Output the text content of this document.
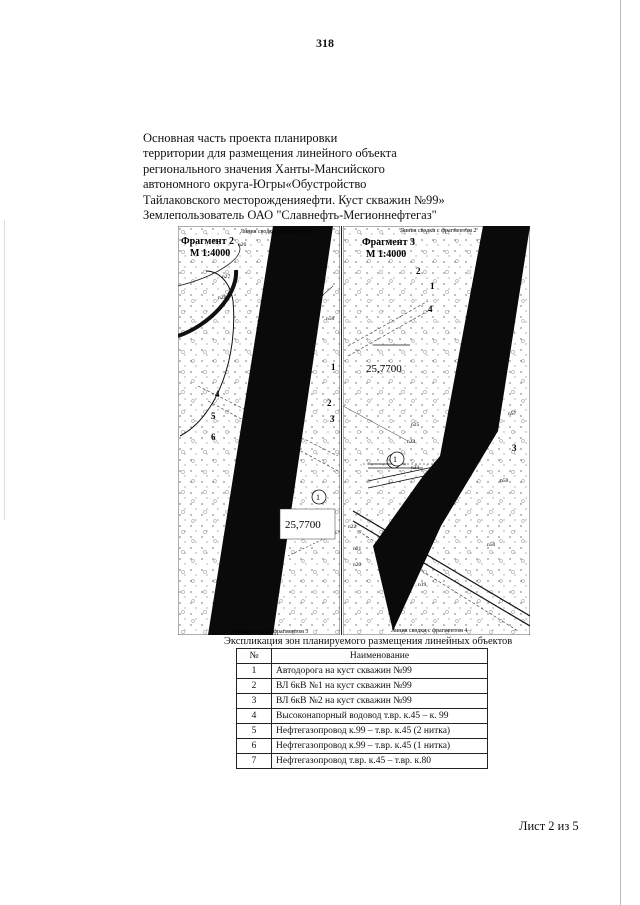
318
Основная часть проекта планировки
территории для размещения линейного объекта
регионального значения Ханты-Мансийского
автономного округа-Югры«Обустройство
Тайлаковского месторожденияефти. Куст скважин №99»
Землепользователь ОАО "Славнефть-Мегионнефтегаз"
Линия сводки с фрагментом 1
Фрагмент 2
М 1:4000
Линия сводки с фрагментом 3
25,7700
1
1
2
3
4
5
6
n26
n27
n28
n56
Линия сводки с фрагментом 2
Фрагмент 3
М 1:4000
Линия сводки с фрагментом 4
25,7700
1
1
2
3
4
n57
n58
n23
n24
n25
n50
n20
n21
n22
n19
Экспликация зон планируемого размещения линейных объектов
№	Наименование
1	Автодорога на куст скважин №99
2	ВЛ 6кВ №1 на куст скважин №99
3	ВЛ 6кВ №2 на куст скважин №99
4	Высоконапорный водовод т.вр. к.45 – к. 99
5	Нефтегазопровод к.99 – т.вр. к.45 (2 нитка)
6	Нефтегазопровод к.99 – т.вр. к.45 (1 нитка)
7	Нефтегазопровод т.вр. к.45 – т.вр. к.80
Лист 2 из 5
